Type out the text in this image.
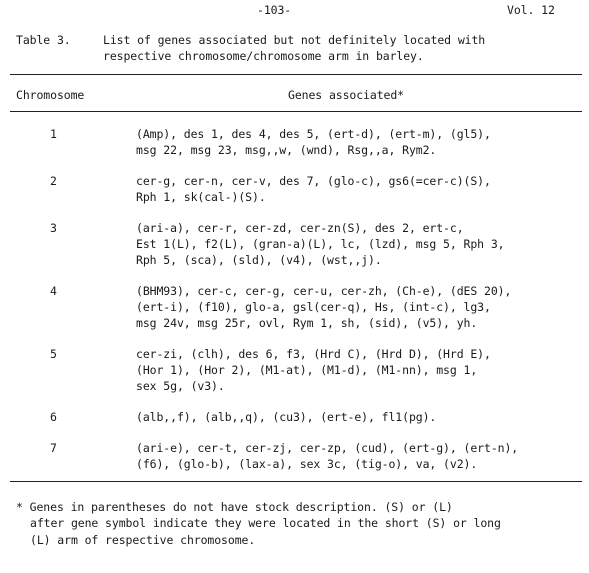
-103-	Vol. 12
Table 3.	List of genes associated but not definitely located with
respective chromosome/chromosome arm in barley.
Chromosome	Genes associated*
1	(Amp), des 1, des 4, des 5, (ert-d), (ert-m), (gl5),
msg 22, msg 23, msg,,w, (wnd), Rsg,,a, Rym2.
2	cer-g, cer-n, cer-v, des 7, (glo-c), gs6(=cer-c)(S),
Rph 1, sk(cal-)(S).
3	(ari-a), cer-r, cer-zd, cer-zn(S), des 2, ert-c,
Est 1(L), f2(L), (gran-a)(L), lc, (lzd), msg 5, Rph 3,
Rph 5, (sca), (sld), (v4), (wst,,j).
4	(BHM93), cer-c, cer-g, cer-u, cer-zh, (Ch-e), (dES 20),
(ert-i), (f10), glo-a, gsl(cer-q), Hs, (int-c), lg3,
msg 24v, msg 25r, ovl, Rym 1, sh, (sid), (v5), yh.
5	cer-zi, (clh), des 6, f3, (Hrd C), (Hrd D), (Hrd E),
(Hor 1), (Hor 2), (M1-at), (M1-d), (M1-nn), msg 1,
sex 5g, (v3).
6	(alb,,f), (alb,,q), (cu3), (ert-e), fl1(pg).
7	(ari-e), cer-t, cer-zj, cer-zp, (cud), (ert-g), (ert-n),
(f6), (glo-b), (lax-a), sex 3c, (tig-o), va, (v2).
* Genes in parentheses do not have stock description. (S) or (L)
after gene symbol indicate they were located in the short (S) or long
(L) arm of respective chromosome.
